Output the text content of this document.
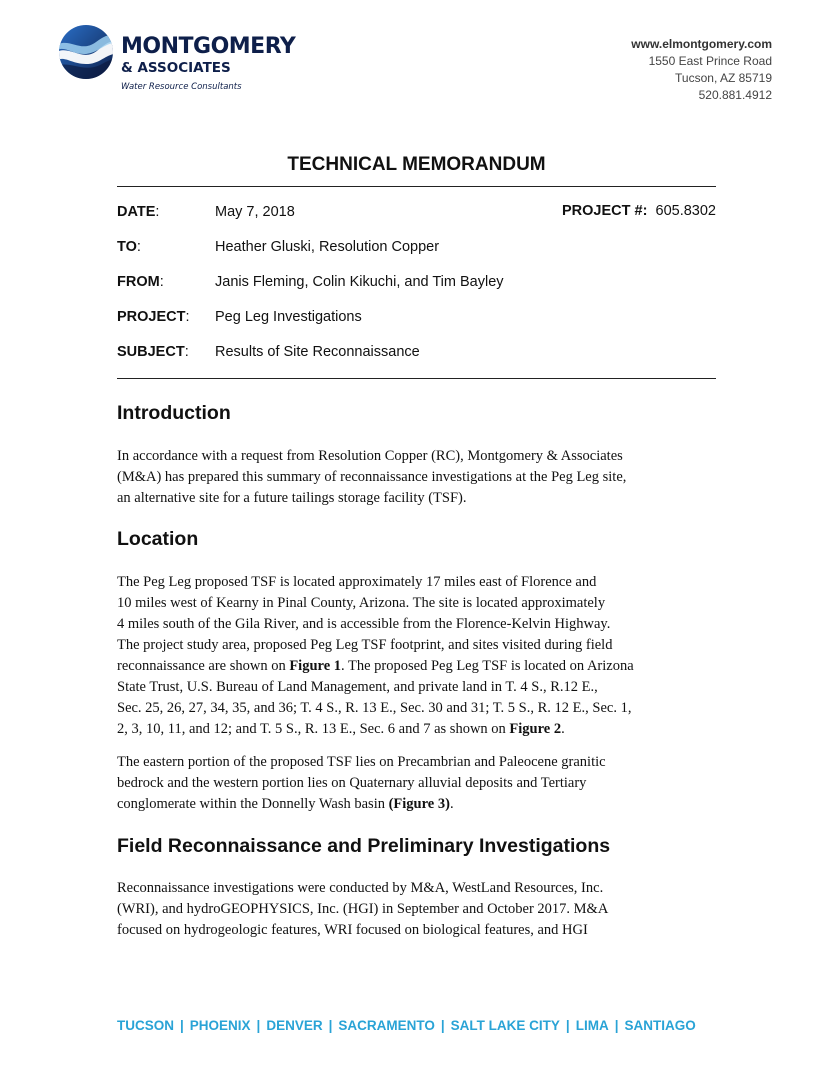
MONTGOMERY
& ASSOCIATES
Water Resource Consultants
www.elmontgomery.com
1550 East Prince Road
Tucson, AZ 85719
520.881.4912
TECHNICAL MEMORANDUM
DATE:	May 7, 2018	PROJECT #: 605.8302
TO:	Heather Gluski, Resolution Copper
FROM:	Janis Fleming, Colin Kikuchi, and Tim Bayley
PROJECT: Peg Leg Investigations
SUBJECT: Results of Site Reconnaissance
Introduction

In accordance with a request from Resolution Copper (RC), Montgomery & Associates
(M&A) has prepared this summary of reconnaissance investigations at the Peg Leg site,
an alternative site for a future tailings storage facility (TSF).

Location

The Peg Leg proposed TSF is located approximately 17 miles east of Florence and
10 miles west of Kearny in Pinal County, Arizona. The site is located approximately
4 miles south of the Gila River, and is accessible from the Florence-Kelvin Highway.
The project study area, proposed Peg Leg TSF footprint, and sites visited during field
reconnaissance are shown on Figure 1. The proposed Peg Leg TSF is located on Arizona
State Trust, U.S. Bureau of Land Management, and private land in T. 4 S., R.12 E.,
Sec. 25, 26, 27, 34, 35, and 36; T. 4 S., R. 13 E., Sec. 30 and 31; T. 5 S., R. 12 E., Sec. 1,
2, 3, 10, 11, and 12; and T. 5 S., R. 13 E., Sec. 6 and 7 as shown on Figure 2.

The eastern portion of the proposed TSF lies on Precambrian and Paleocene granitic
bedrock and the western portion lies on Quaternary alluvial deposits and Tertiary
conglomerate within the Donnelly Wash basin (Figure 3).

Field Reconnaissance and Preliminary Investigations

Reconnaissance investigations were conducted by M&A, WestLand Resources, Inc.
(WRI), and hydroGEOPHYSICS, Inc. (HGI) in September and October 2017. M&A
focused on hydrogeologic features, WRI focused on biological features, and HGI

TUCSON | PHOENIX | DENVER | SACRAMENTO | SALT LAKE CITY | LIMA | SANTIAGO
